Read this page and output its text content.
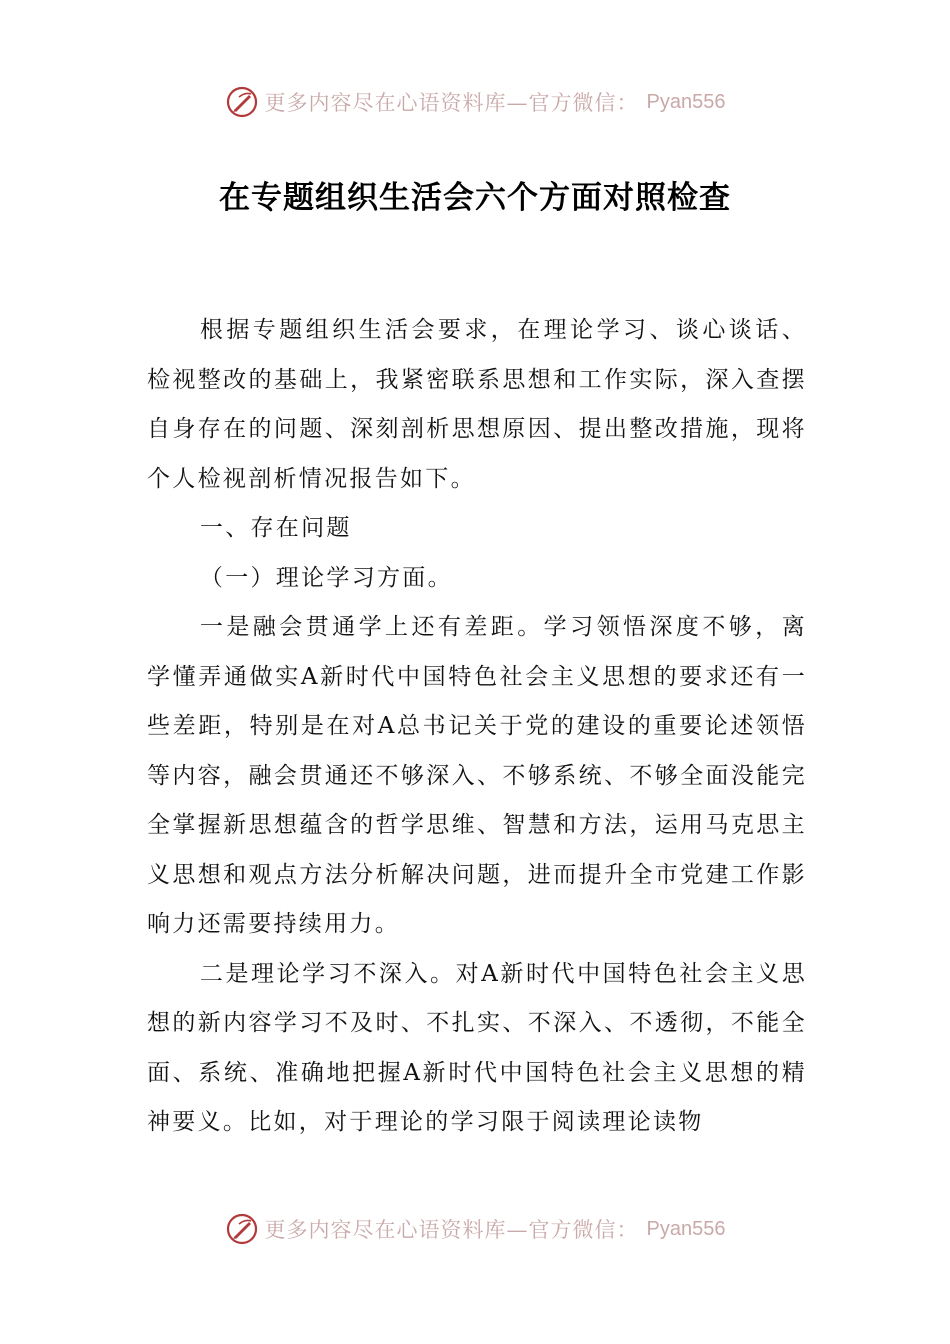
更多内容尽在心语资料库—官方微信： Pyan556
在专题组织生活会六个方面对照检查

根据专题组织生活会要求，在理论学习、谈心谈话、检视整改的基础上，我紧密联系思想和工作实际，深入查摆自身存在的问题、深刻剖析思想原因、提出整改措施，现将个人检视剖析情况报告如下。

一、存在问题

（一）理论学习方面。

一是融会贯通学上还有差距。学习领悟深度不够，离学懂弄通做实A新时代中国特色社会主义思想的要求还有一些差距，特别是在对A总书记关于党的建设的重要论述领悟等内容，融会贯通还不够深入、不够系统、不够全面没能完全掌握新思想蕴含的哲学思维、智慧和方法，运用马克思主义思想和观点方法分析解决问题，进而提升全市党建工作影响力还需要持续用力。

二是理论学习不深入。对A新时代中国特色社会主义思想的新内容学习不及时、不扎实、不深入、不透彻，不能全面、系统、准确地把握A新时代中国特色社会主义思想的精神要义。比如，对于理论的学习限于阅读理论读物

更多内容尽在心语资料库—官方微信： Pyan556
